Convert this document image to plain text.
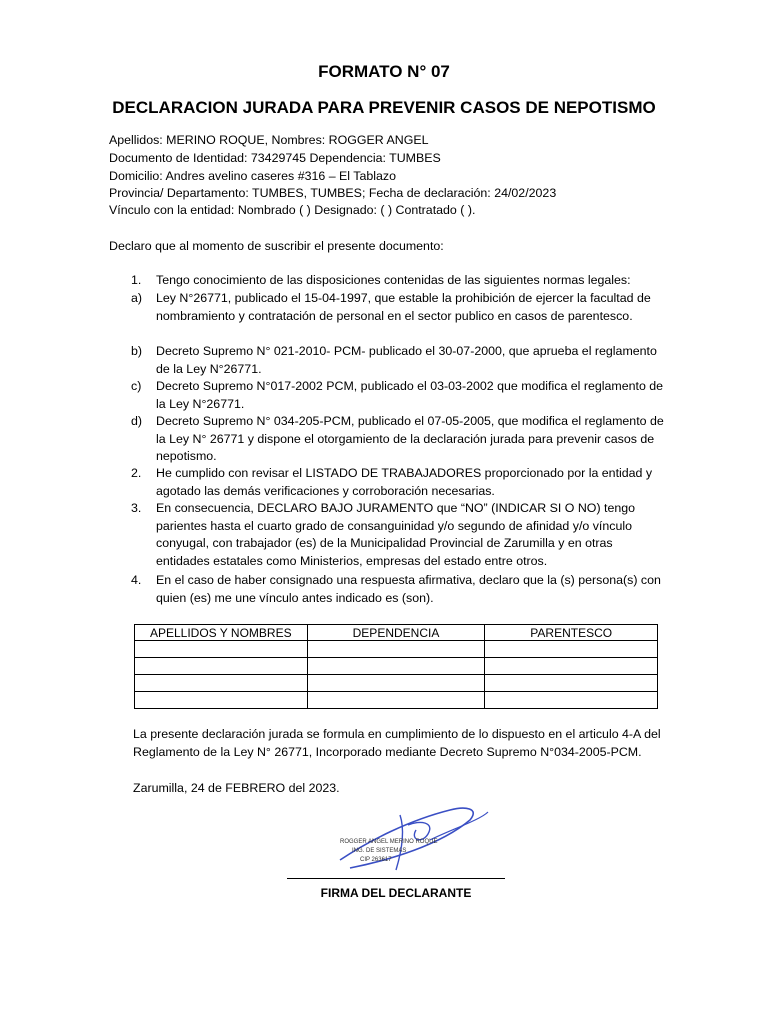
FORMATO N° 07
DECLARACION JURADA PARA PREVENIR CASOS DE NEPOTISMO
Apellidos: MERINO ROQUE, Nombres: ROGGER ANGEL
Documento de Identidad: 73429745 Dependencia: TUMBES
Domicilio: Andres avelino caseres #316 – El Tablazo
Provincia/ Departamento: TUMBES, TUMBES; Fecha de declaración: 24/02/2023
Vínculo con la entidad: Nombrado ( ) Designado: ( ) Contratado ( ).
Declaro que al momento de suscribir el presente documento:
1.	Tengo conocimiento de las disposiciones contenidas de las siguientes normas legales:
a)	Ley N°26771, publicado el 15-04-1997, que estable la prohibición de ejercer la facultad de nombramiento y contratación de personal en el sector publico en casos de parentesco.
b)	Decreto Supremo N° 021-2010- PCM- publicado el 30-07-2000, que aprueba el reglamento de la Ley N°26771.
c)	Decreto Supremo N°017-2002 PCM, publicado el 03-03-2002 que modifica el reglamento de la Ley N°26771.
d)	Decreto Supremo N° 034-205-PCM, publicado el 07-05-2005, que modifica el reglamento de la Ley N° 26771 y dispone el otorgamiento de la declaración jurada para prevenir casos de nepotismo.
2.	He cumplido con revisar el LISTADO DE TRABAJADORES proporcionado por la entidad y agotado las demás verificaciones y corroboración necesarias.
3.	En consecuencia, DECLARO BAJO JURAMENTO que “NO” (INDICAR SI O NO) tengo parientes hasta el cuarto grado de consanguinidad y/o segundo de afinidad y/o vínculo conyugal, con trabajador (es) de la Municipalidad Provincial de Zarumilla y en otras entidades estatales como Ministerios, empresas del estado entre otros.
4.	En el caso de haber consignado una respuesta afirmativa, declaro que la (s) persona(s) con quien (es) me une vínculo antes indicado es (son).
APELLIDOS Y NOMBRES	DEPENDENCIA	PARENTESCO

La presente declaración jurada se formula en cumplimiento de lo dispuesto en el articulo 4-A del Reglamento de la Ley N° 26771, Incorporado mediante Decreto Supremo N°034-2005-PCM.
Zarumilla, 24 de FEBRERO del 2023.
ROGGER ANGEL MERINO ROQUE
ING. DE SISTEMAS
CIP 263617
FIRMA DEL DECLARANTE
